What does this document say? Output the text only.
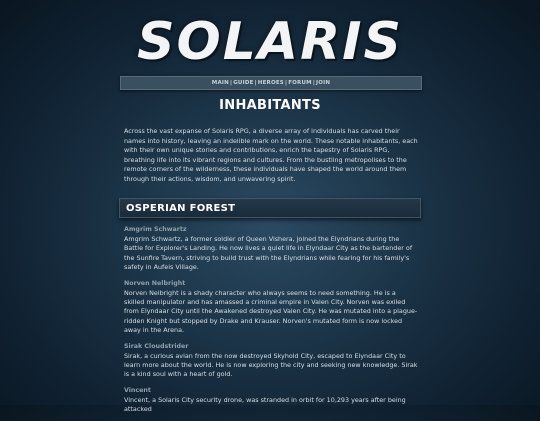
SOLARIS
MAIN | GUIDE | HEROES | FORUM | JOIN
INHABITANTS
Across the vast expanse of Solaris RPG, a diverse array of individuals has carved their names into history, leaving an indelible mark on the world. These notable inhabitants, each with their own unique stories and contributions, enrich the tapestry of Solaris RPG, breathing life into its vibrant regions and cultures. From the bustling metropolises to the remote corners of the wilderness, these individuals have shaped the world around them through their actions, wisdom, and unwavering spirit.
OSPERIAN FOREST
Amgrim Schwartz
Amgrim Schwartz, a former soldier of Queen Vishera, joined the Elyndrians during the Battle for Explorer's Landing. He now lives a quiet life in Elyndaar City as the bartender of the Sunfire Tavern, striving to build trust with the Elyndrians while fearing for his family's safety in Aufeis Village.
Norven Nelbright
Norven Nelbright is a shady character who always seems to need something. He is a skilled manipulator and has amassed a criminal empire in Valen City. Norven was exiled from Elyndaar City until the Awakened destroyed Valen City. He was mutated into a plague-ridden Knight but stopped by Drake and Krauser. Norven's mutated form is now locked away in the Arena.
Sirak Cloudstrider
Sirak, a curious avian from the now destroyed Skyhold City, escaped to Elyndaar City to learn more about the world. He is now exploring the city and seeking new knowledge. Sirak is a kind soul with a heart of gold.
Vincent
Vincent, a Solaris City security drone, was stranded in orbit for 10,293 years after being attacked
